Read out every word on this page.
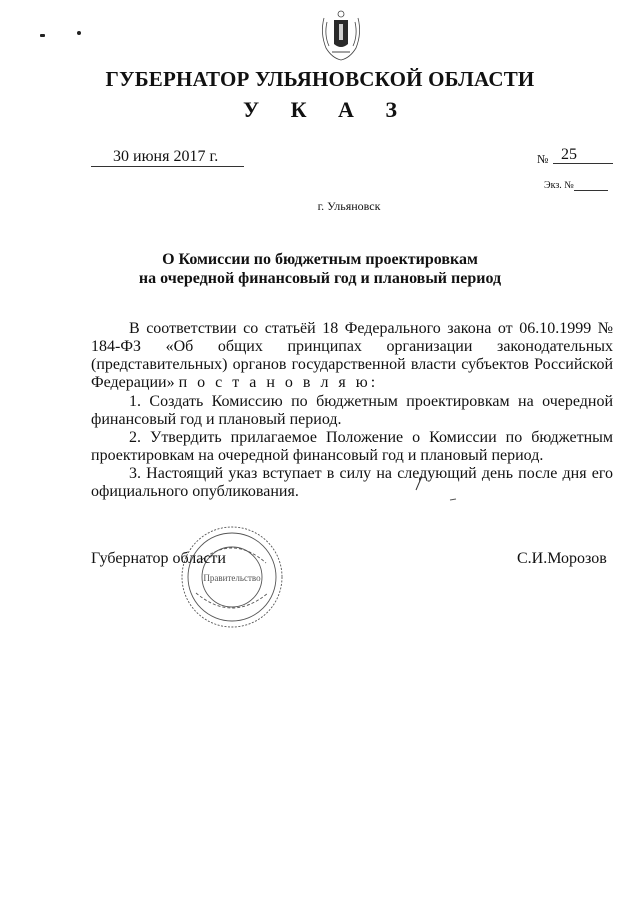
ГУБЕРНАТОР УЛЬЯНОВСКОЙ ОБЛАСТИ
У К А З
30 июня 2017 г.	№ 25
Экз. №
г. Ульяновск
О Комиссии по бюджетным проектировкам
на очередной финансовый год и плановый период
В соответствии со статьёй 18 Федерального закона от 06.10.1999 № 184-ФЗ «Об общих принципах организации законодательных (представительных) органов государственной власти субъектов Российской Федерации» п о с т а н о в л я ю:
1. Создать Комиссию по бюджетным проектировкам на очередной финансовый год и плановый период.
2. Утвердить прилагаемое Положение о Комиссии по бюджетным проектировкам на очередной финансовый год и плановый период.
3. Настоящий указ вступает в силу на следующий день после дня его официального опубликования.
Правительство
Губернатор области	С.И.Морозов
